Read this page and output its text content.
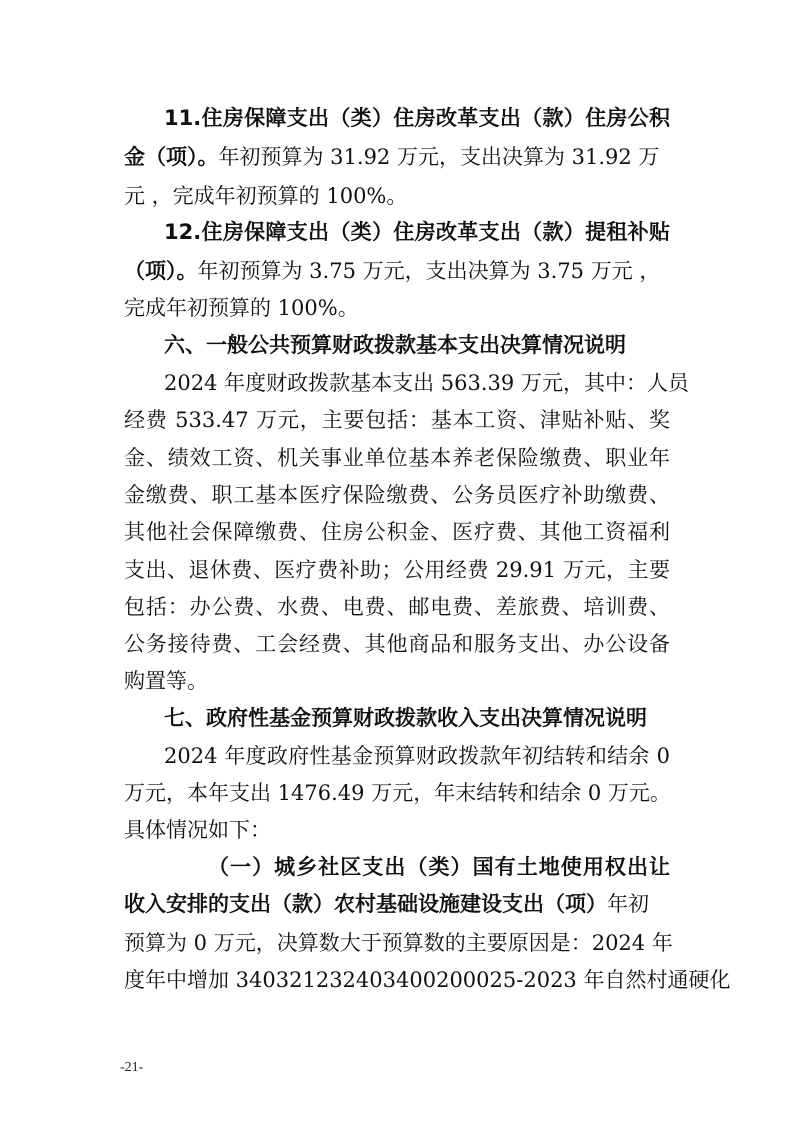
11.住房保障支出（类）住房改革支出（款）住房公积
金（项）。年初预算为 31.92 万元，支出决算为 31.92 万
元 ，完成年初预算的 100%。
12.住房保障支出（类）住房改革支出（款）提租补贴
（项）。年初预算为 3.75 万元，支出决算为 3.75 万元 ，
完成年初预算的 100%。
六、一般公共预算财政拨款基本支出决算情况说明
2024 年度财政拨款基本支出 563.39 万元，其中：人员
经费 533.47 万元，主要包括：基本工资、津贴补贴、奖
金、绩效工资、机关事业单位基本养老保险缴费、职业年
金缴费、职工基本医疗保险缴费、公务员医疗补助缴费、
其他社会保障缴费、住房公积金、医疗费、其他工资福利
支出、退休费、医疗费补助；公用经费 29.91 万元，主要
包括：办公费、水费、电费、邮电费、差旅费、培训费、
公务接待费、工会经费、其他商品和服务支出、办公设备
购置等。
七、政府性基金预算财政拨款收入支出决算情况说明
2024 年度政府性基金预算财政拨款年初结转和结余 0
万元，本年支出 1476.49 万元，年末结转和结余 0 万元。
具体情况如下：
（一）城乡社区支出（类）国有土地使用权出让
收入安排的支出（款）农村基础设施建设支出（项）年初
预算为 0 万元，决算数大于预算数的主要原因是：2024 年
度年中增加 340321232403400200025-2023 年自然村通硬化
-21-
